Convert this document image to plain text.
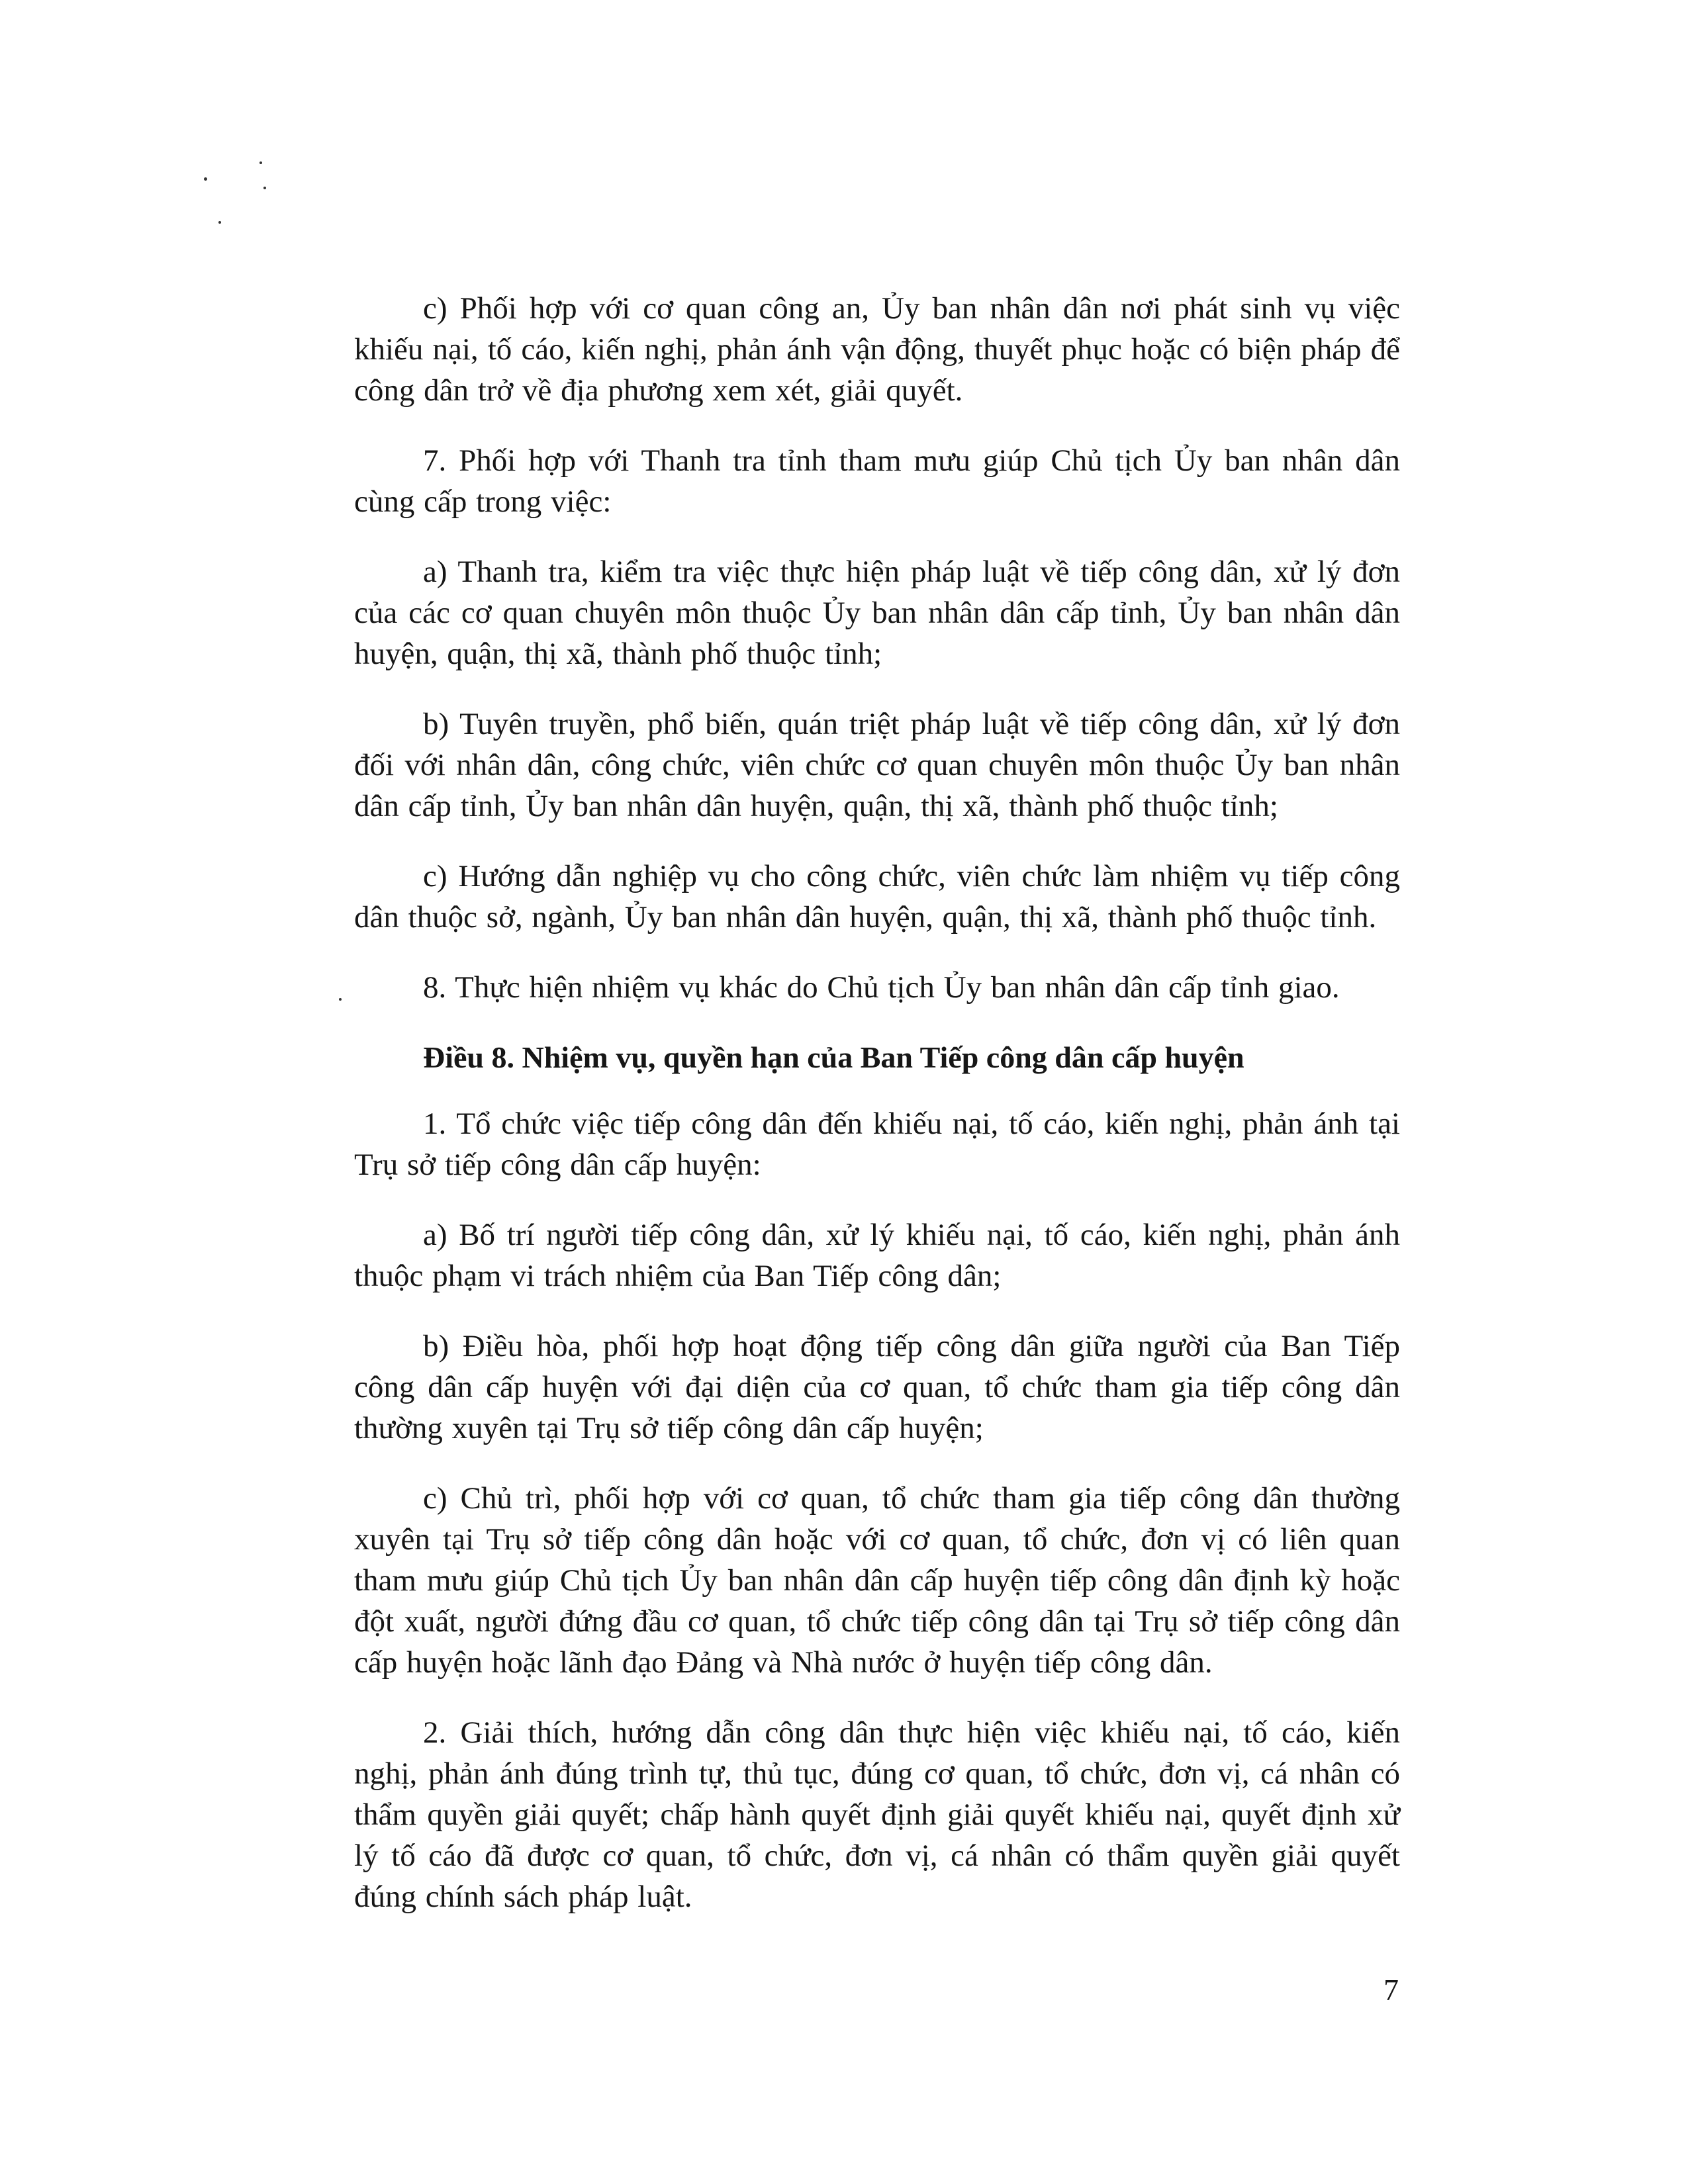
c) Phối hợp với cơ quan công an, Ủy ban nhân dân nơi phát sinh vụ việc khiếu nại, tố cáo, kiến nghị, phản ánh vận động, thuyết phục hoặc có biện pháp để công dân trở về địa phương xem xét, giải quyết.

7. Phối hợp với Thanh tra tỉnh tham mưu giúp Chủ tịch Ủy ban nhân dân cùng cấp trong việc:

a) Thanh tra, kiểm tra việc thực hiện pháp luật về tiếp công dân, xử lý đơn của các cơ quan chuyên môn thuộc Ủy ban nhân dân cấp tỉnh, Ủy ban nhân dân huyện, quận, thị xã, thành phố thuộc tỉnh;

b) Tuyên truyền, phổ biến, quán triệt pháp luật về tiếp công dân, xử lý đơn đối với nhân dân, công chức, viên chức cơ quan chuyên môn thuộc Ủy ban nhân dân cấp tỉnh, Ủy ban nhân dân huyện, quận, thị xã, thành phố thuộc tỉnh;

c) Hướng dẫn nghiệp vụ cho công chức, viên chức làm nhiệm vụ tiếp công dân thuộc sở, ngành, Ủy ban nhân dân huyện, quận, thị xã, thành phố thuộc tỉnh.

8. Thực hiện nhiệm vụ khác do Chủ tịch Ủy ban nhân dân cấp tỉnh giao.

Điều 8. Nhiệm vụ, quyền hạn của Ban Tiếp công dân cấp huyện

1. Tổ chức việc tiếp công dân đến khiếu nại, tố cáo, kiến nghị, phản ánh tại Trụ sở tiếp công dân cấp huyện:

a) Bố trí người tiếp công dân, xử lý khiếu nại, tố cáo, kiến nghị, phản ánh thuộc phạm vi trách nhiệm của Ban Tiếp công dân;

b) Điều hòa, phối hợp hoạt động tiếp công dân giữa người của Ban Tiếp công dân cấp huyện với đại diện của cơ quan, tổ chức tham gia tiếp công dân thường xuyên tại Trụ sở tiếp công dân cấp huyện;

c) Chủ trì, phối hợp với cơ quan, tổ chức tham gia tiếp công dân thường xuyên tại Trụ sở tiếp công dân hoặc với cơ quan, tổ chức, đơn vị có liên quan tham mưu giúp Chủ tịch Ủy ban nhân dân cấp huyện tiếp công dân định kỳ hoặc đột xuất, người đứng đầu cơ quan, tổ chức tiếp công dân tại Trụ sở tiếp công dân cấp huyện hoặc lãnh đạo Đảng và Nhà nước ở huyện tiếp công dân.

2. Giải thích, hướng dẫn công dân thực hiện việc khiếu nại, tố cáo, kiến nghị, phản ánh đúng trình tự, thủ tục, đúng cơ quan, tổ chức, đơn vị, cá nhân có thẩm quyền giải quyết; chấp hành quyết định giải quyết khiếu nại, quyết định xử lý tố cáo đã được cơ quan, tổ chức, đơn vị, cá nhân có thẩm quyền giải quyết đúng chính sách pháp luật.

7
